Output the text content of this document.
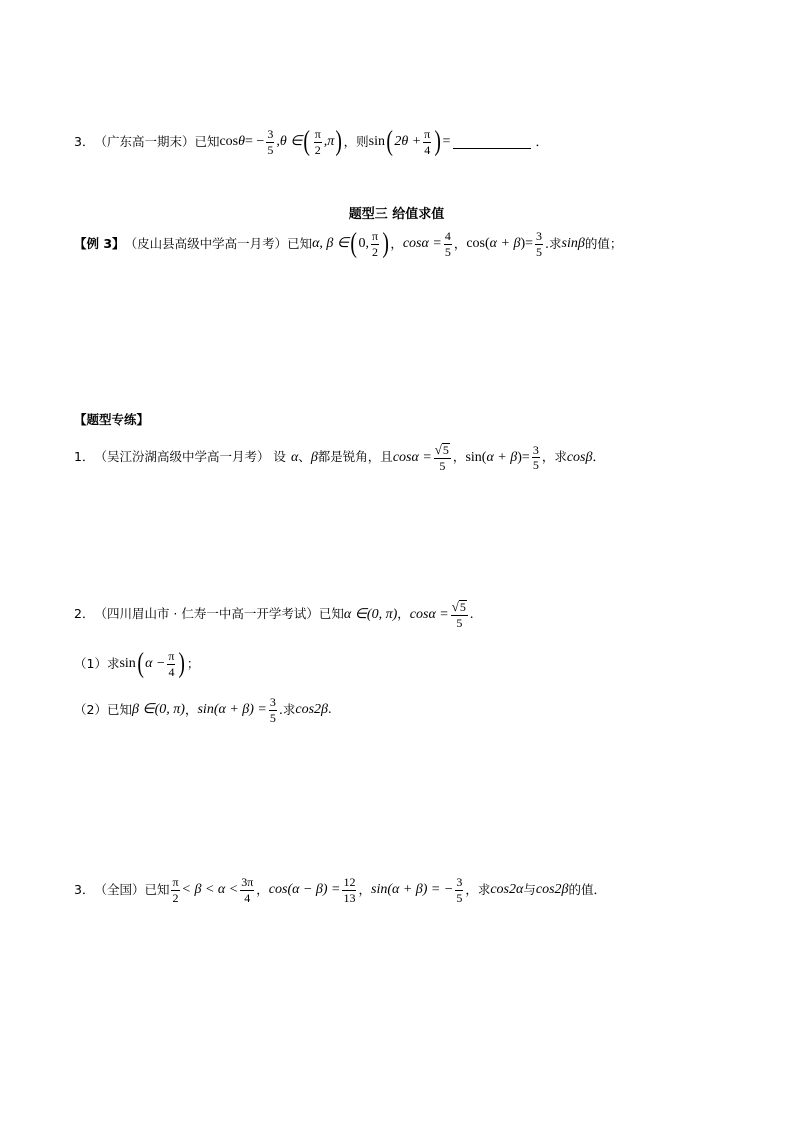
3． （广东高一期末）已知 cos θ = − $\frac{3}{5} ,\theta$ ∈ ( $\frac{\pi}{2} ,\pi$ ) ，则 sin ( $2\theta + \frac{\pi}{4}$ ) =	．
题型三 给值求值
【例 3】 （皮山县高级中学高一月考）已知 α, β ∈ ( 0, $\frac{\pi}{2}$ ) ， $\cos\alpha = \frac{4}{5}$ ， cos ( α + β ) = $\frac{3}{5}$ .求 sinβ 的值；
【题型专练】
1． （吴江汾湖高级中学高一月考） 设 α 、 β 都是锐角，且 $\cos\alpha = \frac{√ 5}{5}$ ， sin ( α + β ) = $\frac{3}{5}$ ，求 cosβ ．
2． （四川眉山市 · 仁寿一中高一开学考试）已知 α ∈ (0, π) ， $\cos\alpha = \frac{√ 5}{5}$ .
（1）求 sin ( $\alpha - \frac{\pi}{4}$ ) ；
（2）已知 β ∈ (0, π) ， $\sin(\alpha + \beta) = \frac{3}{5}$ .求 cos2β .
3． （全国）已知 $\frac{\pi}{2} < \beta < \alpha < \frac{3\pi}{4}$ ， $\cos(\alpha - \beta) = \frac{12}{13}$ ， sin(α + β) = − $\frac{3}{5}$ ，求 cos2α 与 cos2β 的值．
